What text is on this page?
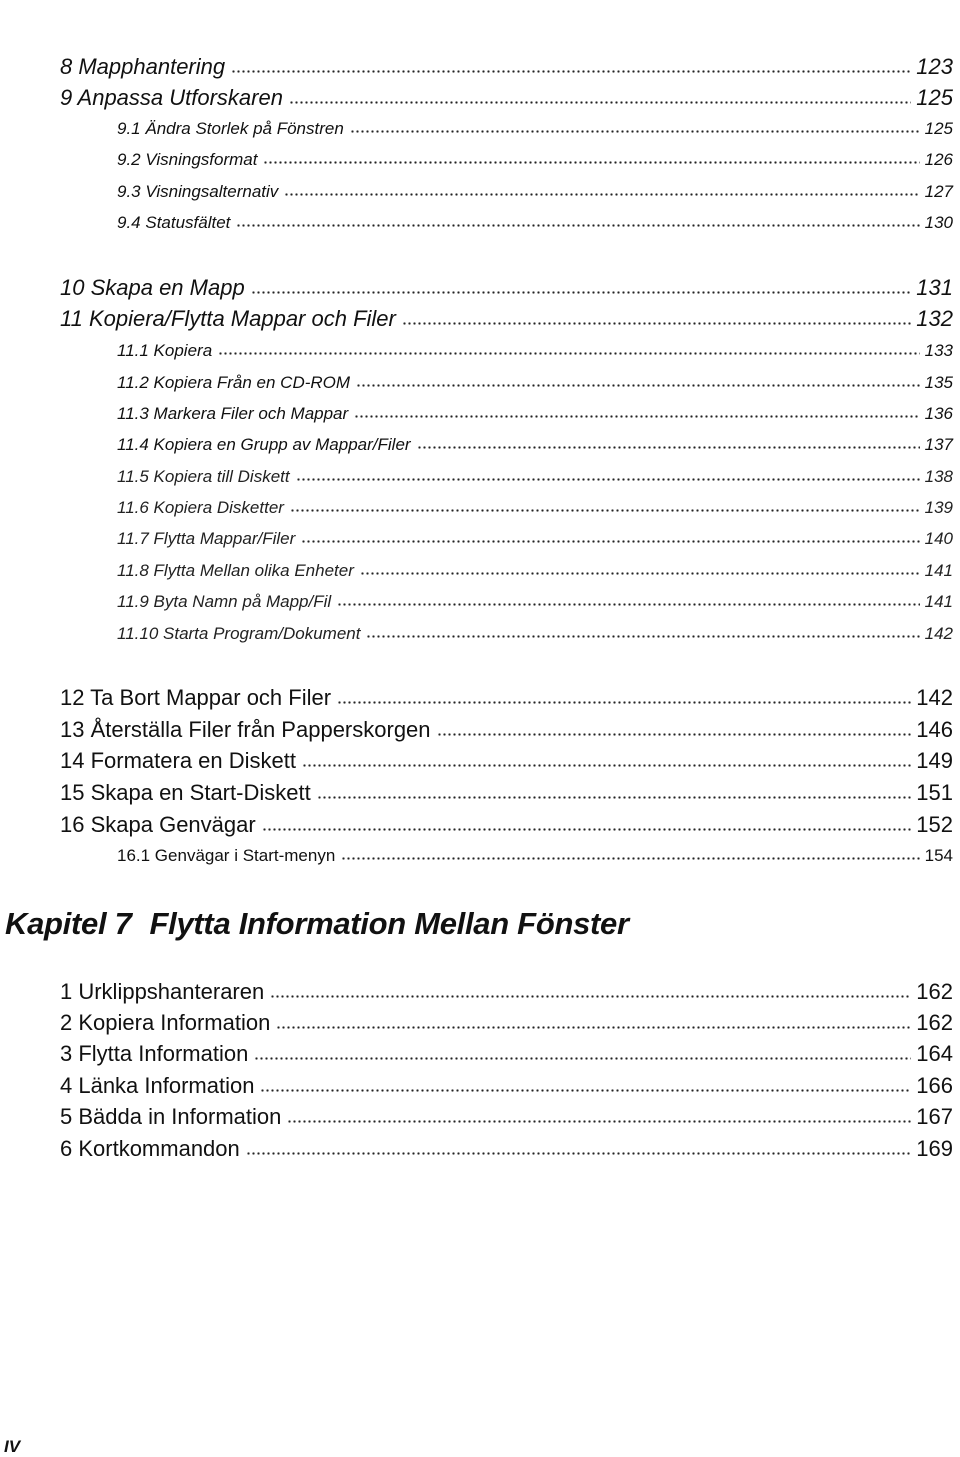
8 Mapphantering	123
9 Anpassa Utforskaren	125
9.1 Ändra Storlek på Fönstren	125
9.2 Visningsformat	126
9.3 Visningsalternativ	127
9.4 Statusfältet	130
10 Skapa en Mapp	131
11 Kopiera/Flytta Mappar och Filer	132
11.1 Kopiera	133
11.2 Kopiera Från en CD-ROM	135
11.3 Markera Filer och Mappar	136
11.4 Kopiera en Grupp av Mappar/Filer	137
11.5 Kopiera till Diskett	138
11.6 Kopiera Disketter	139
11.7 Flytta Mappar/Filer	140
11.8 Flytta Mellan olika Enheter	141
11.9 Byta Namn på Mapp/Fil	141
11.10 Starta Program/Dokument	142
12 Ta Bort Mappar och Filer	142
13 Återställa Filer från Papperskorgen	146
14 Formatera en Diskett	149
15 Skapa en Start-Diskett	151
16 Skapa Genvägar	152
16.1 Genvägar i Start-menyn	154
1 Urklippshanteraren	162
2 Kopiera Information	162
3 Flytta Information	164
4 Länka Information	166
5 Bädda in Information	167
6 Kortkommandon	169
Kapitel 7 Flytta Information Mellan Fönster
IV
